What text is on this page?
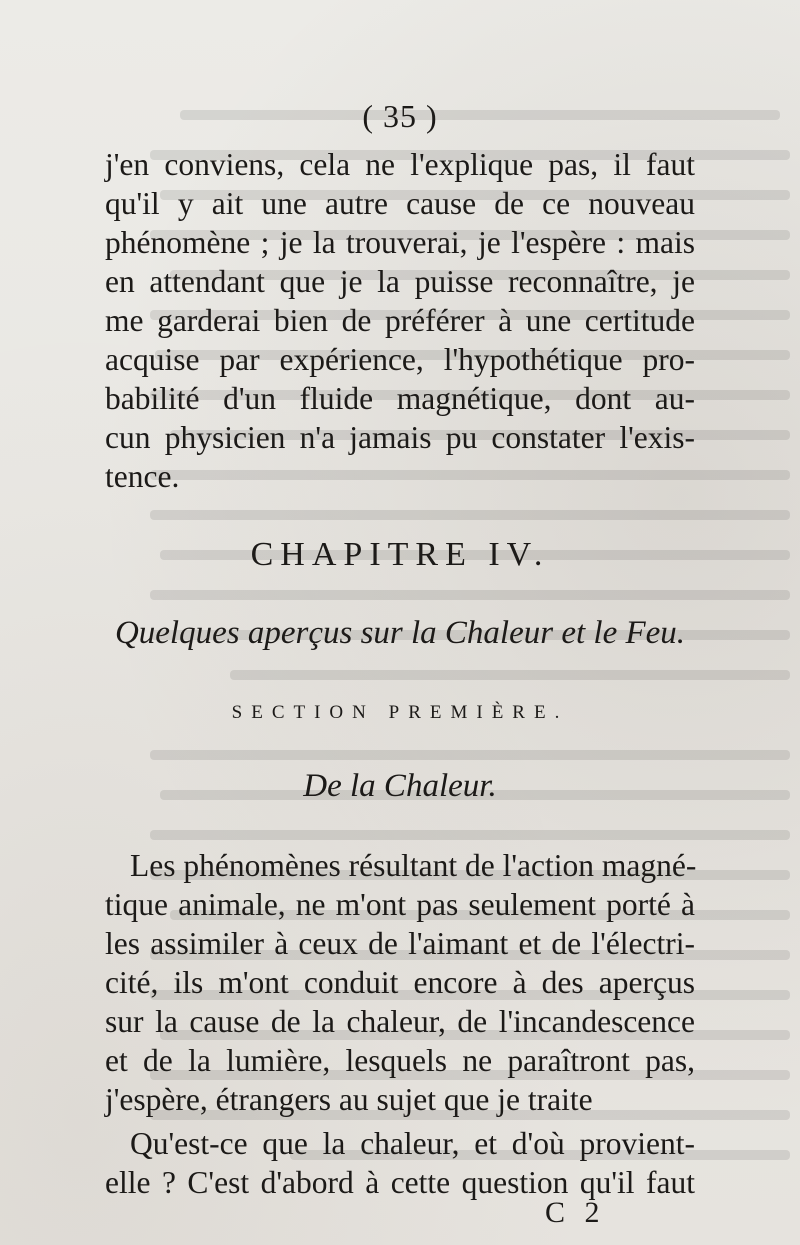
( 35 )
j'en conviens, cela ne l'explique pas, il faut
qu'il y ait une autre cause de ce nouveau
phénomène ; je la trouverai, je l'espère : mais
en attendant que je la puisse reconnaître, je
me garderai bien de préférer à une certitude
acquise par expérience, l'hypothétique pro-
babilité d'un fluide magnétique, dont au-
cun physicien n'a jamais pu constater l'exis-
tence.
CHAPITRE IV.
Quelques aperçus sur la Chaleur et le Feu.
SECTION PREMIÈRE.
De la Chaleur.
Les phénomènes résultant de l'action magné-
tique animale, ne m'ont pas seulement porté à
les assimiler à ceux de l'aimant et de l'électri-
cité, ils m'ont conduit encore à des aperçus
sur la cause de la chaleur, de l'incandescence
et de la lumière, lesquels ne paraîtront pas,
j'espère, étrangers au sujet que je traite
Qu'est-ce que la chaleur, et d'où provient-
elle ? C'est d'abord à cette question qu'il faut
C 2
